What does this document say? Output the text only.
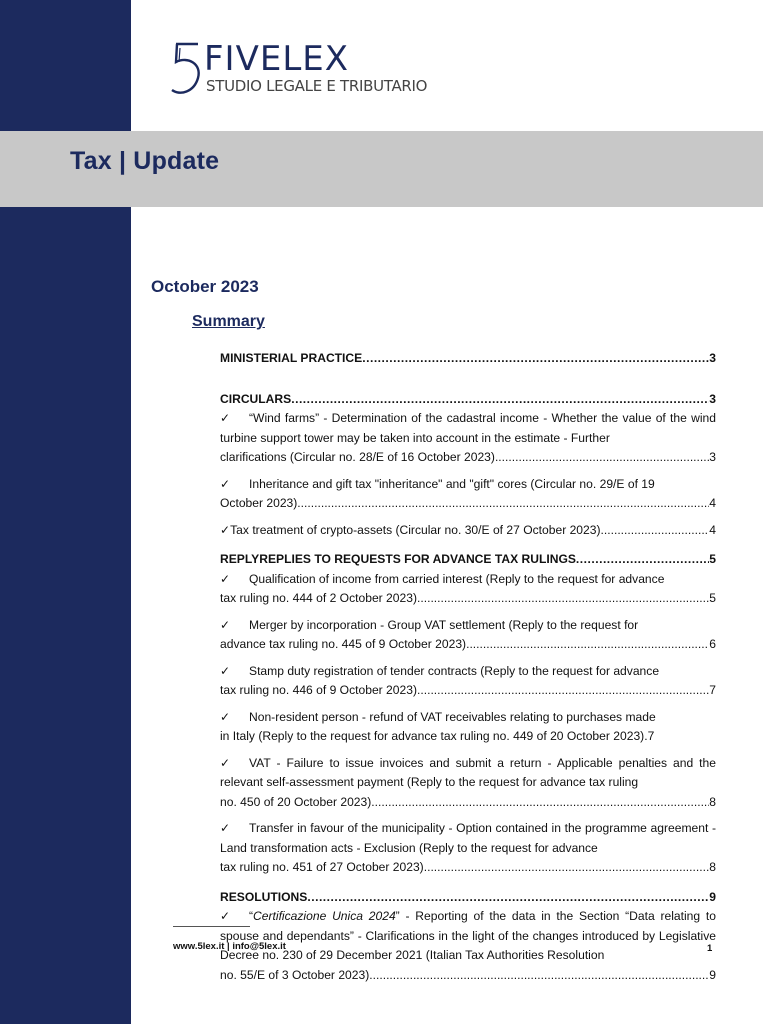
FIVELEX
STUDIO LEGALE E TRIBUTARIO
Tax | Update
October 2023
Summary
MINISTERIAL PRACTICE .....	3
CIRCULARS .....	3
✓ “Wind farms” - Determination of the cadastral income - Whether the value of the wind turbine support tower may be taken into account in the estimate - Further
clarifications (Circular no. 28/E of 16 October 2023) .....	3
✓ Inheritance and gift tax "inheritance" and "gift" cores (Circular no. 29/E of 19
October 2023). .....	4
✓ Tax treatment of crypto-assets (Circular no. 30/E of 27 October 2023) .....	4
REPLYREPLIES TO REQUESTS FOR ADVANCE TAX RULINGS .....	5
✓ Qualification of income from carried interest (Reply to the request for advance
tax ruling no. 444 of 2 October 2023). .....	5
✓ Merger by incorporation - Group VAT settlement (Reply to the request for
advance tax ruling no. 445 of 9 October 2023). .....	6
✓ Stamp duty registration of tender contracts (Reply to the request for advance
tax ruling no. 446 of 9 October 2023). .....	7
✓ Non-resident person - refund of VAT receivables relating to purchases made
in Italy (Reply to the request for advance tax ruling no. 449 of 20 October 2023). 7
✓ VAT - Failure to issue invoices and submit a return - Applicable penalties and the relevant self-assessment payment (Reply to the request for advance tax ruling
no. 450 of 20 October 2023). .....	8
✓ Transfer in favour of the municipality - Option contained in the programme agreement - Land transformation acts - Exclusion (Reply to the request for advance
tax ruling no. 451 of 27 October 2023). .....	8
RESOLUTIONS .....	9
✓ “Certificazione Unica 2024” - Reporting of the data in the Section “Data relating to spouse and dependants” - Clarifications in the light of the changes introduced by Legislative Decree no. 230 of 29 December 2021 (Italian Tax Authorities Resolution
no. 55/E of 3 October 2023) .....	9
www.5lex.it | info@5lex.it	1
